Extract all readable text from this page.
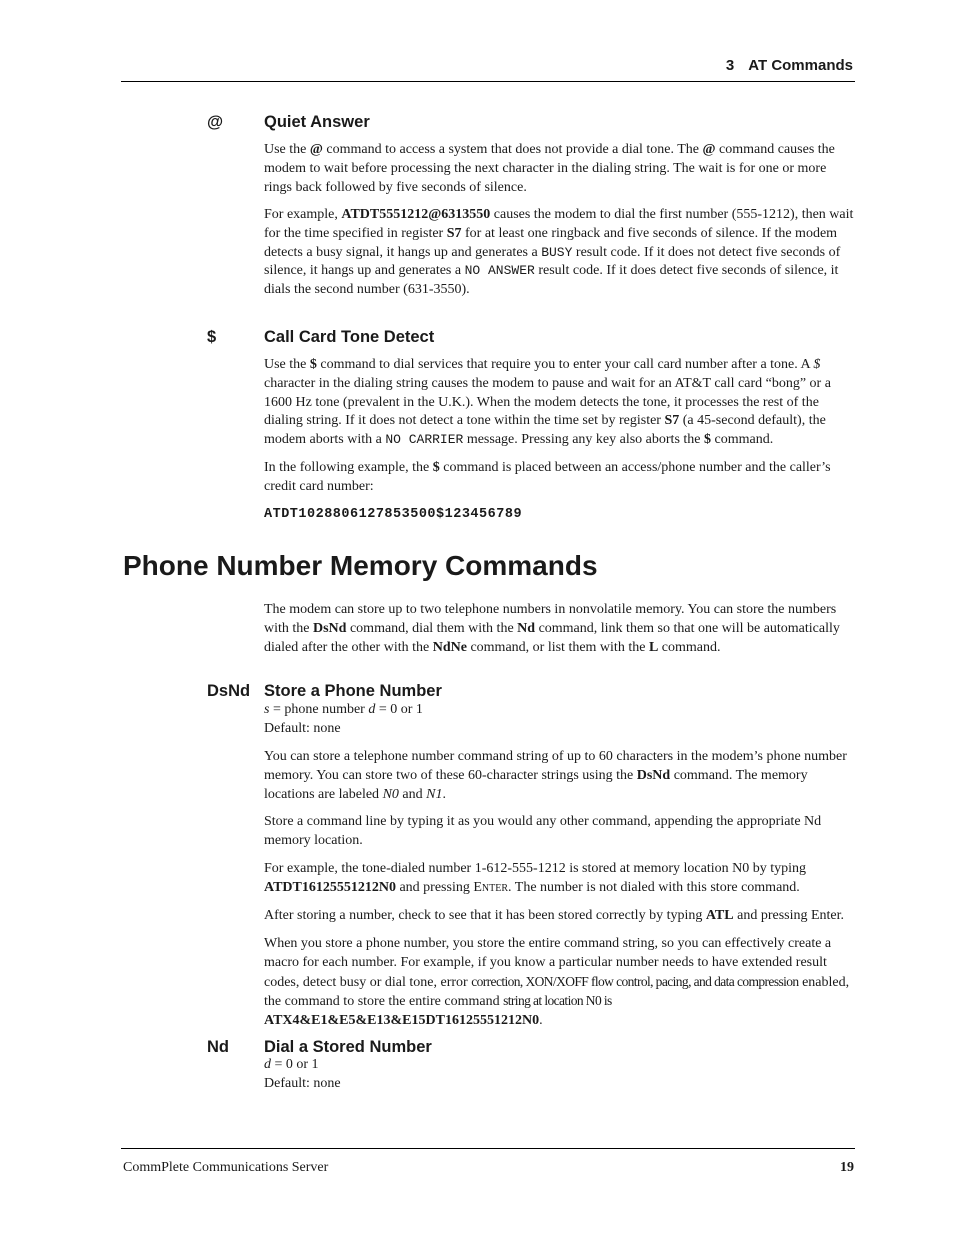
3 AT Commands
@ Quiet Answer

Use the @ command to access a system that does not provide a dial tone. The @ command causes the modem to wait before processing the next character in the dialing string. The wait is for one or more rings back followed by five seconds of silence.

For example, ATDT5551212@6313550 causes the modem to dial the first number (555-1212), then wait for the time specified in register S7 for at least one ringback and five seconds of silence. If the modem detects a busy signal, it hangs up and generates a BUSY result code. If it does not detect five seconds of silence, it hangs up and generates a NO ANSWER result code. If it does detect five seconds of silence, it dials the second number (631-3550).

$	Call Card Tone Detect

Use the $ command to dial services that require you to enter your call card number after a tone. A $ character in the dialing string causes the modem to pause and wait for an AT&T call card “bong” or a 1600 Hz tone (prevalent in the U.K.). When the modem detects the tone, it processes the rest of the dialing string. If it does not detect a tone within the time set by register S7 (a 45-second default), the modem aborts with a NO CARRIER message. Pressing any key also aborts the $ command.

In the following example, the $ command is placed between an access/phone number and the caller’s credit card number:

ATDT1028806127853500$123456789
Phone Number Memory Commands

The modem can store up to two telephone numbers in nonvolatile memory. You can store the numbers with the DsNd command, dial them with the Nd command, link them so that one will be automatically dialed after the other with the NdNe command, or list them with the L command.

DsNd Store a Phone Number

s = phone number d = 0 or 1

Default: none

You can store a telephone number command string of up to 60 characters in the modem’s phone number memory. You can store two of these 60-character strings using the DsNd command. The memory locations are labeled N0 and N1.

Store a command line by typing it as you would any other command, appending the appropriate Nd memory location.

For example, the tone-dialed number 1-612-555-1212 is stored at memory location N0 by typing ATDT16125551212N0 and pressing Enter. The number is not dialed with this store command.

After storing a number, check to see that it has been stored correctly by typing ATL and pressing Enter.

When you store a phone number, you store the entire command string, so you can effectively create a macro for each number. For example, if you know a particular number needs to have extended result codes, detect busy or dial tone, error correction, XON/XOFF flow control, pacing, and data compression enabled, the command to store the entire command string at location N0 is ATX4&E1&E5&E13&E15DT16125551212N0.

Nd Dial a Stored Number

d = 0 or 1

Default: none

CommPlete Communications Server	19
